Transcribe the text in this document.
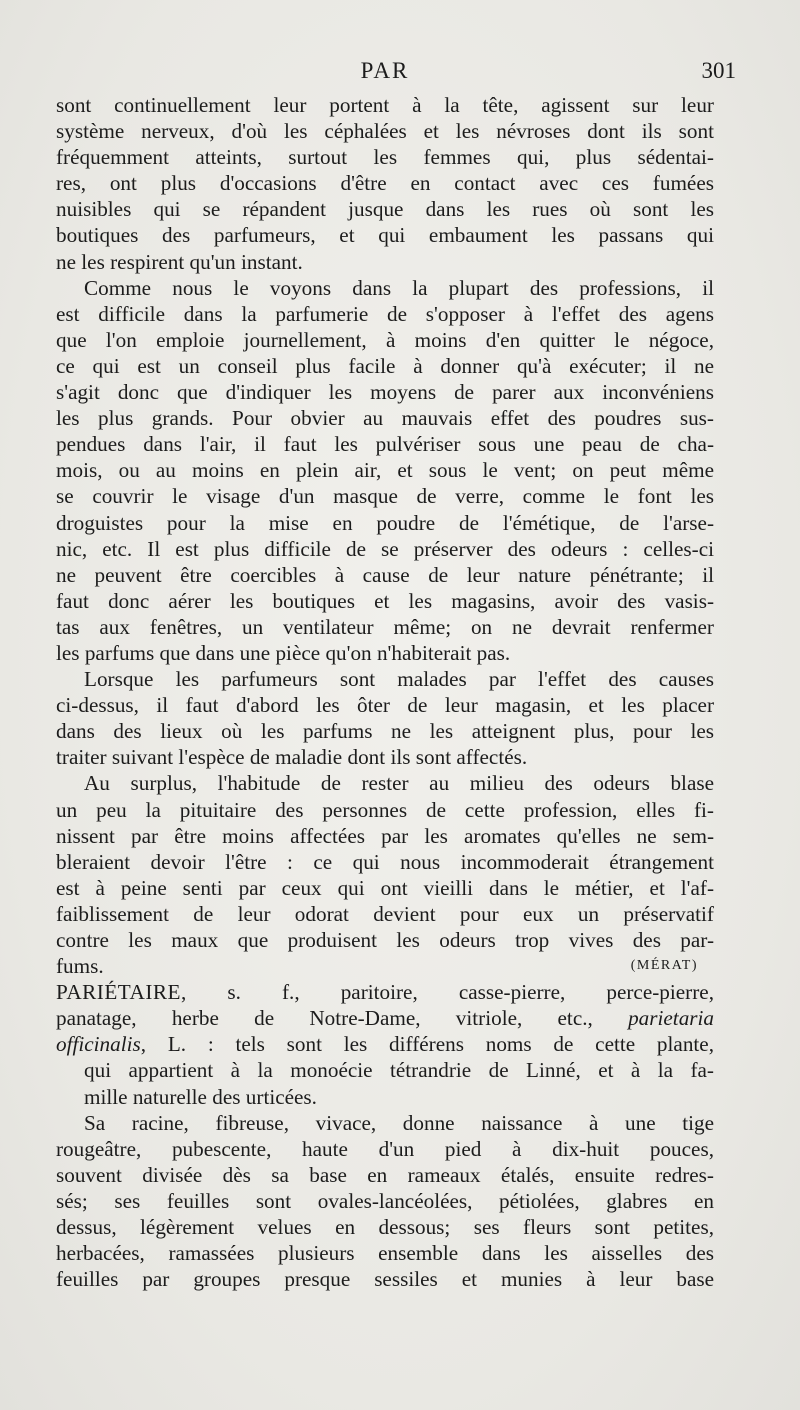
PAR	301
sont continuellement leur portent à la tête, agissent sur leur
système nerveux, d'où les céphalées et les névroses dont ils sont
fréquemment atteints, surtout les femmes qui, plus sédentai-
res, ont plus d'occasions d'être en contact avec ces fumées
nuisibles qui se répandent jusque dans les rues où sont les
boutiques des parfumeurs, et qui embaument les passans qui
ne les respirent qu'un instant.
Comme nous le voyons dans la plupart des professions, il
est difficile dans la parfumerie de s'opposer à l'effet des agens
que l'on emploie journellement, à moins d'en quitter le négoce,
ce qui est un conseil plus facile à donner qu'à exécuter; il ne
s'agit donc que d'indiquer les moyens de parer aux inconvéniens
les plus grands. Pour obvier au mauvais effet des poudres sus-
pendues dans l'air, il faut les pulvériser sous une peau de cha-
mois, ou au moins en plein air, et sous le vent; on peut même
se couvrir le visage d'un masque de verre, comme le font les
droguistes pour la mise en poudre de l'émétique, de l'arse-
nic, etc. Il est plus difficile de se préserver des odeurs : celles-ci
ne peuvent être coercibles à cause de leur nature pénétrante; il
faut donc aérer les boutiques et les magasins, avoir des vasis-
tas aux fenêtres, un ventilateur même; on ne devrait renfermer
les parfums que dans une pièce qu'on n'habiterait pas.
Lorsque les parfumeurs sont malades par l'effet des causes
ci-dessus, il faut d'abord les ôter de leur magasin, et les placer
dans des lieux où les parfums ne les atteignent plus, pour les
traiter suivant l'espèce de maladie dont ils sont affectés.
Au surplus, l'habitude de rester au milieu des odeurs blase
un peu la pituitaire des personnes de cette profession, elles fi-
nissent par être moins affectées par les aromates qu'elles ne sem-
bleraient devoir l'être : ce qui nous incommoderait étrangement
est à peine senti par ceux qui ont vieilli dans le métier, et l'af-
faiblissement de leur odorat devient pour eux un préservatif
contre les maux que produisent les odeurs trop vives des par-
fums.	(MÉRAT)
PARIÉTAIRE, s. f., paritoire, casse-pierre, perce-pierre,
panatage, herbe de Notre-Dame, vitriole, etc., parietaria
officinalis, L. : tels sont les différens noms de cette plante,
qui appartient à la monoécie tétrandrie de Linné, et à la fa-
mille naturelle des urticées.
Sa racine, fibreuse, vivace, donne naissance à une tige
rougeâtre, pubescente, haute d'un pied à dix-huit pouces,
souvent divisée dès sa base en rameaux étalés, ensuite redres-
sés; ses feuilles sont ovales-lancéolées, pétiolées, glabres en
dessus, légèrement velues en dessous; ses fleurs sont petites,
herbacées, ramassées plusieurs ensemble dans les aisselles des
feuilles par groupes presque sessiles et munies à leur base
